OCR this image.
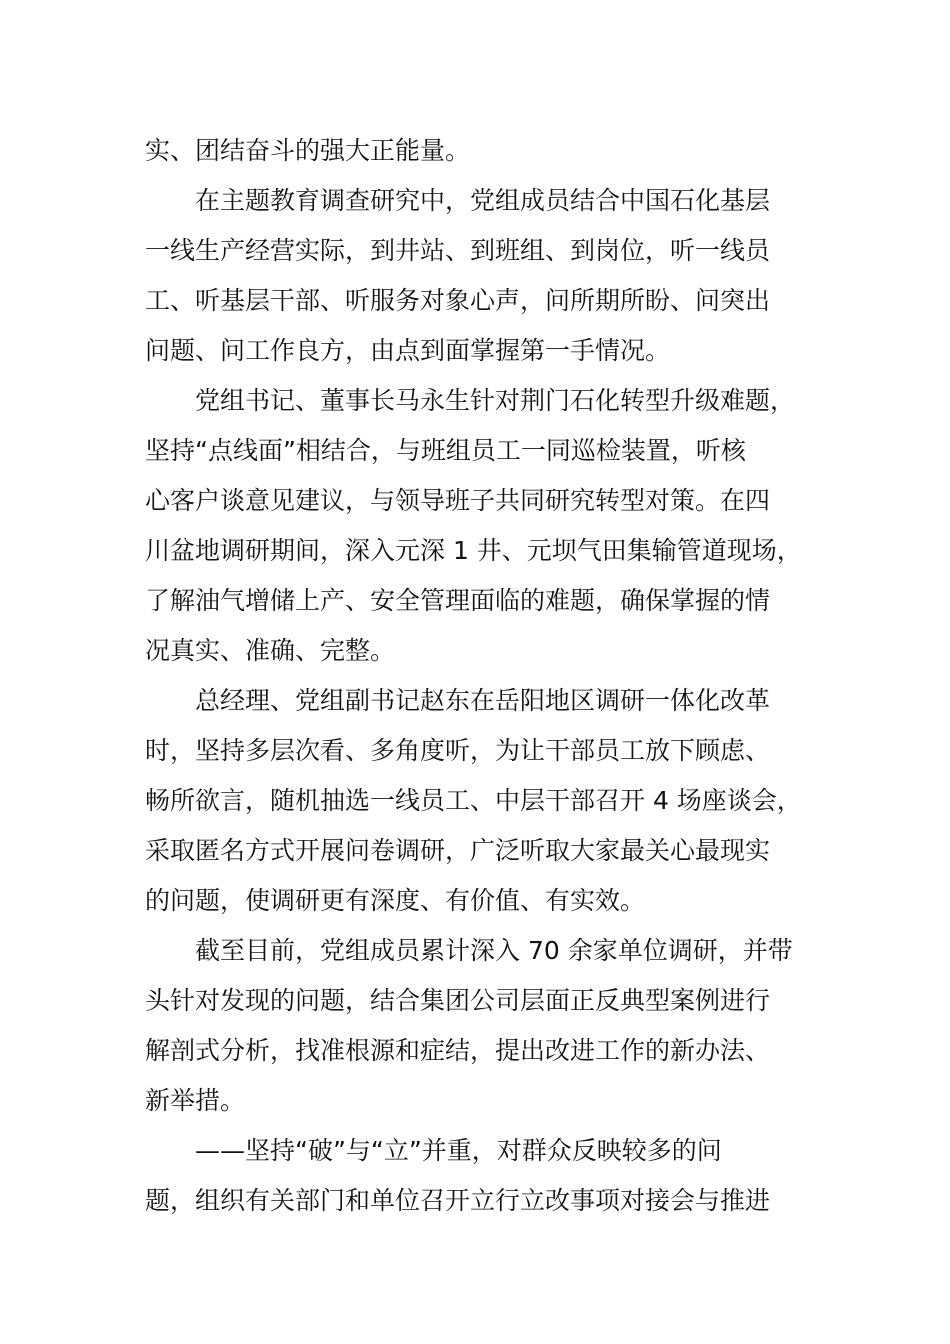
实、团结奋斗的强大正能量。
在主题教育调查研究中，党组成员结合中国石化基层
一线生产经营实际，到井站、到班组、到岗位，听一线员
工、听基层干部、听服务对象心声，问所期所盼、问突出
问题、问工作良方，由点到面掌握第一手情况。
党组书记、董事长马永生针对荆门石化转型升级难题，
坚持“点线面”相结合，与班组员工一同巡检装置，听核
心客户谈意见建议，与领导班子共同研究转型对策。在四
川盆地调研期间，深入元深 1 井、元坝气田集输管道现场，
了解油气增储上产、安全管理面临的难题，确保掌握的情
况真实、准确、完整。
总经理、党组副书记赵东在岳阳地区调研一体化改革
时，坚持多层次看、多角度听，为让干部员工放下顾虑、
畅所欲言，随机抽选一线员工、中层干部召开 4 场座谈会，
采取匿名方式开展问卷调研，广泛听取大家最关心最现实
的问题，使调研更有深度、有价值、有实效。
截至目前，党组成员累计深入 70 余家单位调研，并带
头针对发现的问题，结合集团公司层面正反典型案例进行
解剖式分析，找准根源和症结，提出改进工作的新办法、
新举措。
——坚持“破”与“立”并重，对群众反映较多的问
题，组织有关部门和单位召开立行立改事项对接会与推进
